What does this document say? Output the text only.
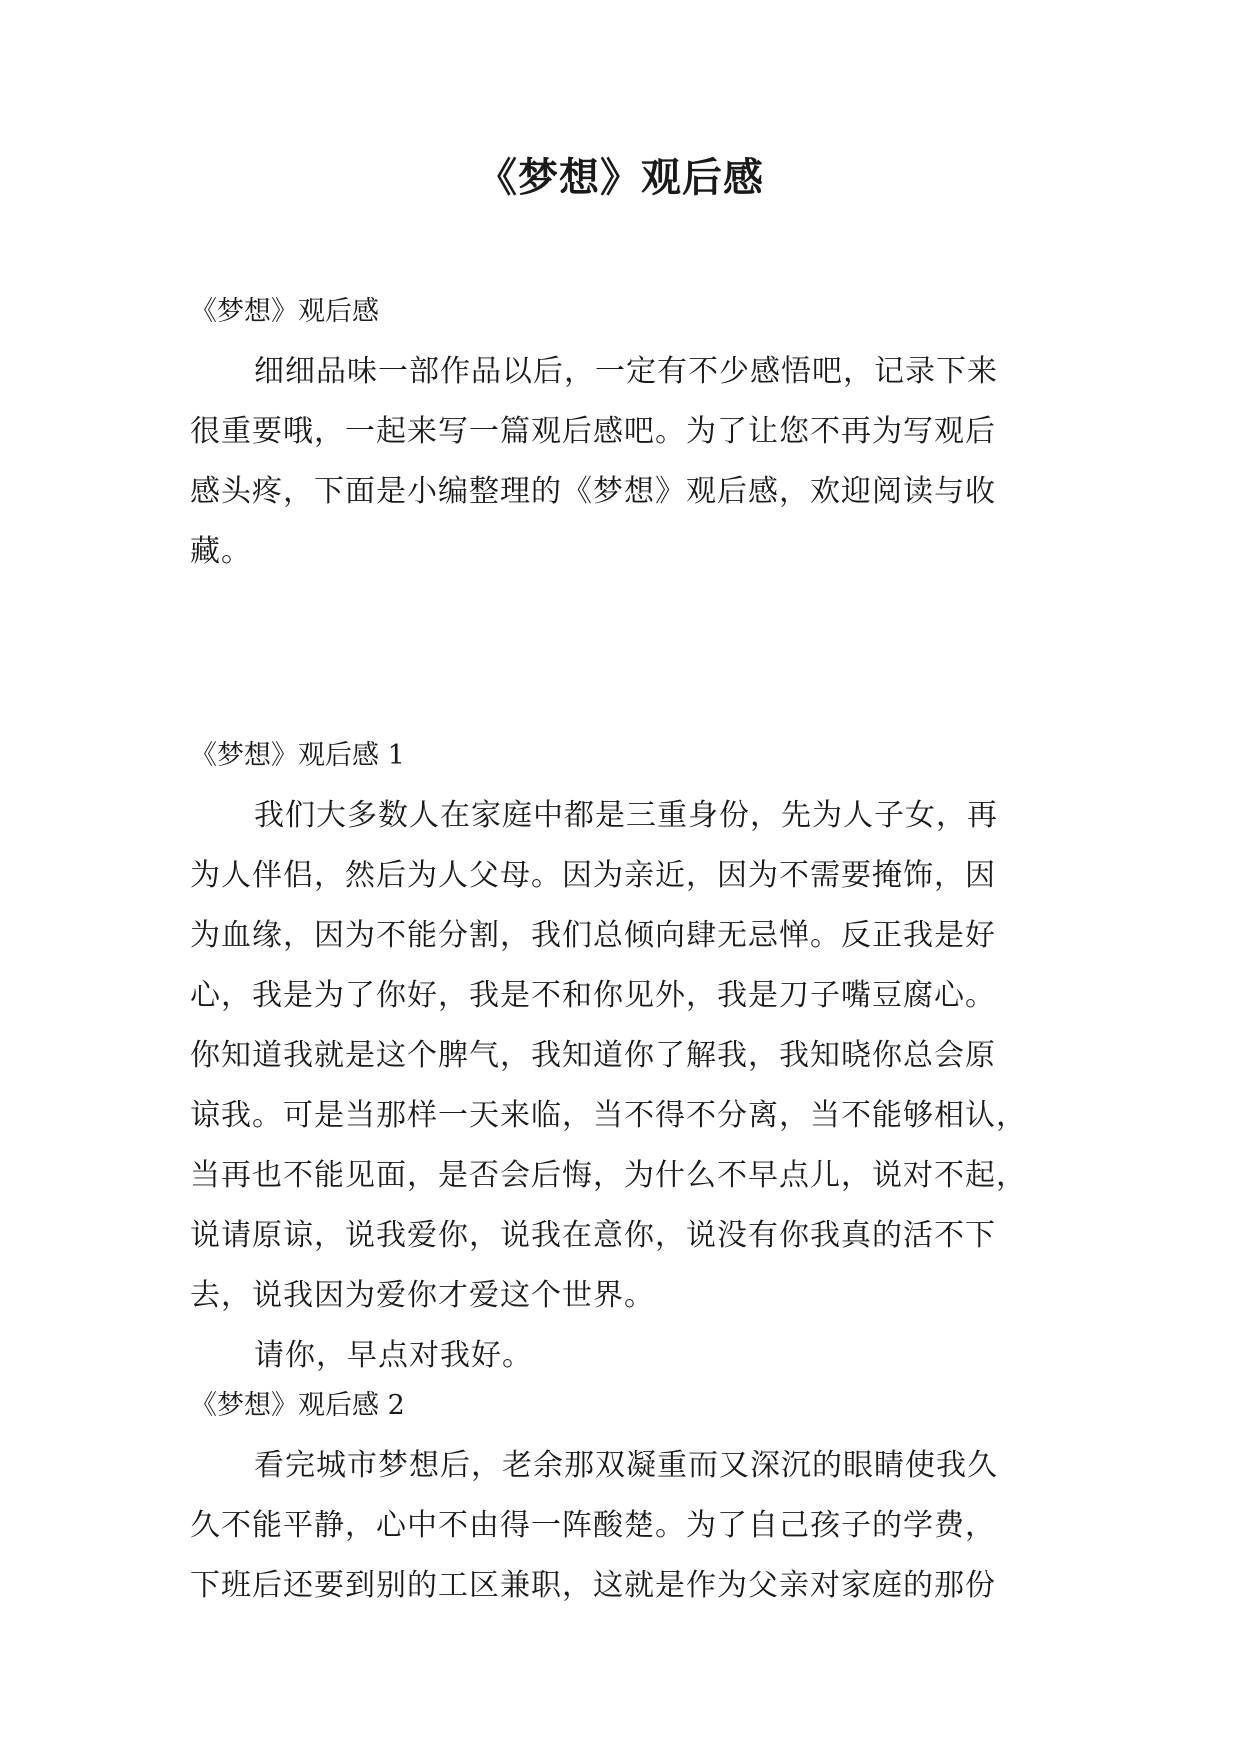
《梦想》观后感

《梦想》观后感

细细品味一部作品以后，一定有不少感悟吧，记录下来
很重要哦，一起来写一篇观后感吧。为了让您不再为写观后
感头疼，下面是小编整理的《梦想》观后感，欢迎阅读与收
藏。

《梦想》观后感 1

我们大多数人在家庭中都是三重身份，先为人子女，再
为人伴侣，然后为人父母。因为亲近，因为不需要掩饰，因
为血缘，因为不能分割，我们总倾向肆无忌惮。反正我是好
心，我是为了你好，我是不和你见外，我是刀子嘴豆腐心。
你知道我就是这个脾气，我知道你了解我，我知晓你总会原
谅我。可是当那样一天来临，当不得不分离，当不能够相认，
当再也不能见面，是否会后悔，为什么不早点儿，说对不起，
说请原谅，说我爱你，说我在意你，说没有你我真的活不下
去，说我因为爱你才爱这个世界。
请你，早点对我好。

《梦想》观后感 2

看完城市梦想后，老余那双凝重而又深沉的眼睛使我久
久不能平静，心中不由得一阵酸楚。为了自己孩子的学费，
下班后还要到别的工区兼职，这就是作为父亲对家庭的那份
